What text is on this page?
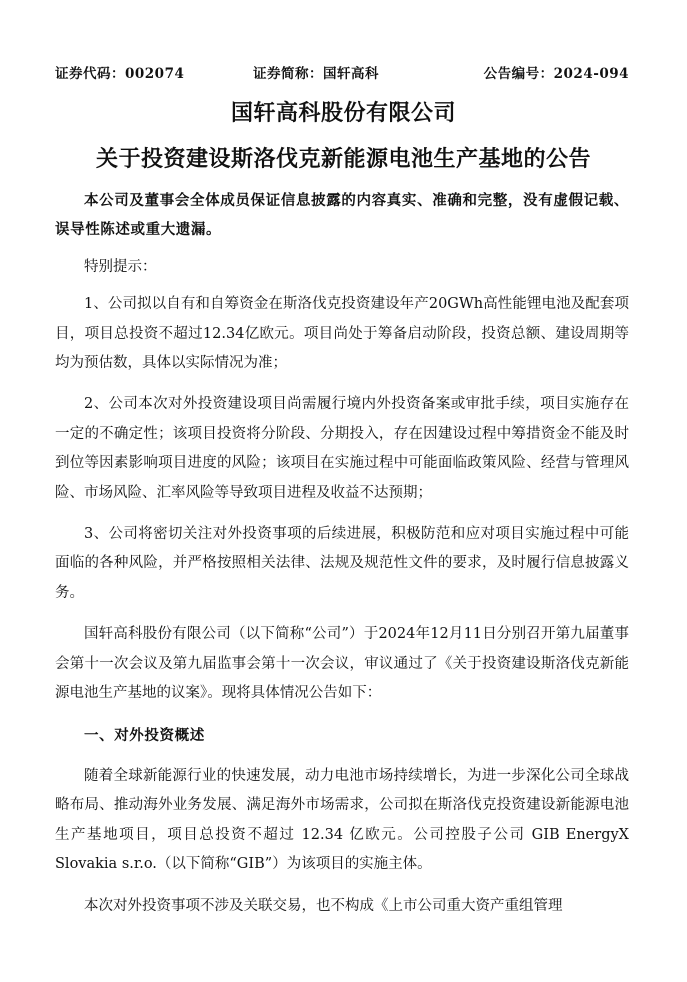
证券代码：002074	证券简称：国轩高科	公告编号：2024-094
国轩高科股份有限公司
关于投资建设斯洛伐克新能源电池生产基地的公告

本公司及董事会全体成员保证信息披露的内容真实、准确和完整，没有虚假记载、误导性陈述或重大遗漏。

特别提示：

1、公司拟以自有和自筹资金在斯洛伐克投资建设年产20GWh高性能锂电池及配套项目，项目总投资不超过12.34亿欧元。项目尚处于筹备启动阶段，投资总额、建设周期等均为预估数，具体以实际情况为准；

2、公司本次对外投资建设项目尚需履行境内外投资备案或审批手续，项目实施存在一定的不确定性；该项目投资将分阶段、分期投入，存在因建设过程中筹措资金不能及时到位等因素影响项目进度的风险；该项目在实施过程中可能面临政策风险、经营与管理风险、市场风险、汇率风险等导致项目进程及收益不达预期；

3、公司将密切关注对外投资事项的后续进展，积极防范和应对项目实施过程中可能面临的各种风险，并严格按照相关法律、法规及规范性文件的要求，及时履行信息披露义务。

国轩高科股份有限公司（以下简称“公司”）于2024年12月11日分别召开第九届董事会第十一次会议及第九届监事会第十一次会议，审议通过了《关于投资建设斯洛伐克新能源电池生产基地的议案》。现将具体情况公告如下：

一、对外投资概述

随着全球新能源行业的快速发展，动力电池市场持续增长，为进一步深化公司全球战略布局、推动海外业务发展、满足海外市场需求，公司拟在斯洛伐克投资建设新能源电池生产基地项目，项目总投资不超过 12.34 亿欧元。公司控股子公司 GIB EnergyX Slovakia s.r.o.（以下简称“GIB”）为该项目的实施主体。

本次对外投资事项不涉及关联交易，也不构成《上市公司重大资产重组管理
